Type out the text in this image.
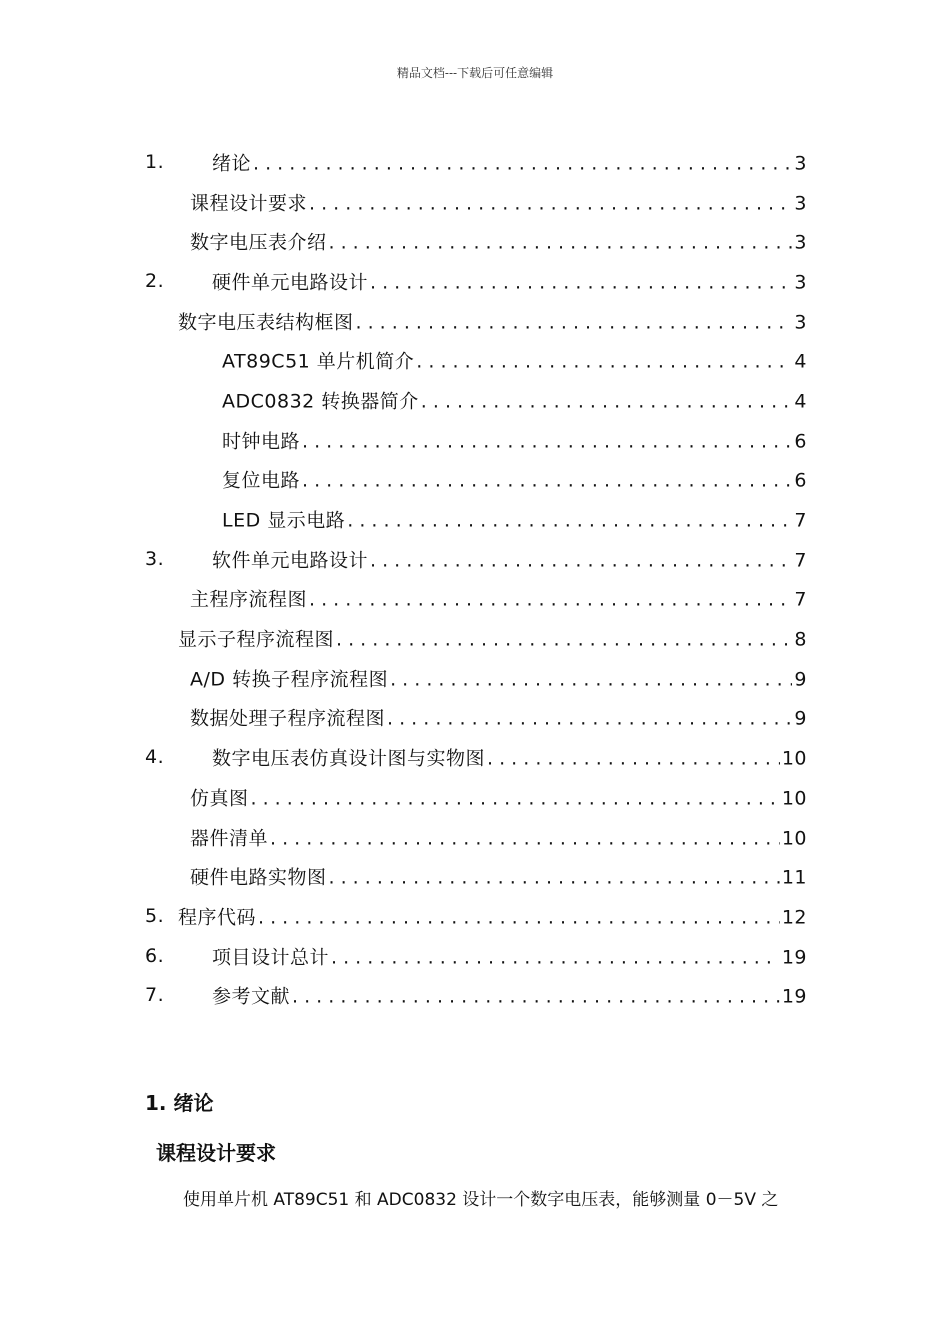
精品文档---下载后可任意编辑
1.	绪论 . . .	3
课程设计要求 . . .	3
数字电压表介绍 . . .	3
2.	硬件单元电路设计 . . .	3
数字电压表结构框图 . . .	3
AT89C51 单片机简介 . . .	4
ADC0832 转换器简介 . . .	4
时钟电路 . . .	6
复位电路 . . .	6
LED 显示电路 . . .	7
3.	软件单元电路设计 . . .	7
主程序流程图 . . .	7
显示子程序流程图 . . .	8
A/D 转换子程序流程图 . . .	9
数据处理子程序流程图 . . .	9
4.	数字电压表仿真设计图与实物图 . . .	10
仿真图 . . .	10
器件清单 . . .	10
硬件电路实物图 . . .	11
5. 程序代码 . . .	12
6.	项目设计总计 . . .	19
7.	参考文献 . . .	19
1. 绪论
课程设计要求
使用单片机 AT89C51 和 ADC0832 设计一个数字电压表，能够测量 0－5V 之
